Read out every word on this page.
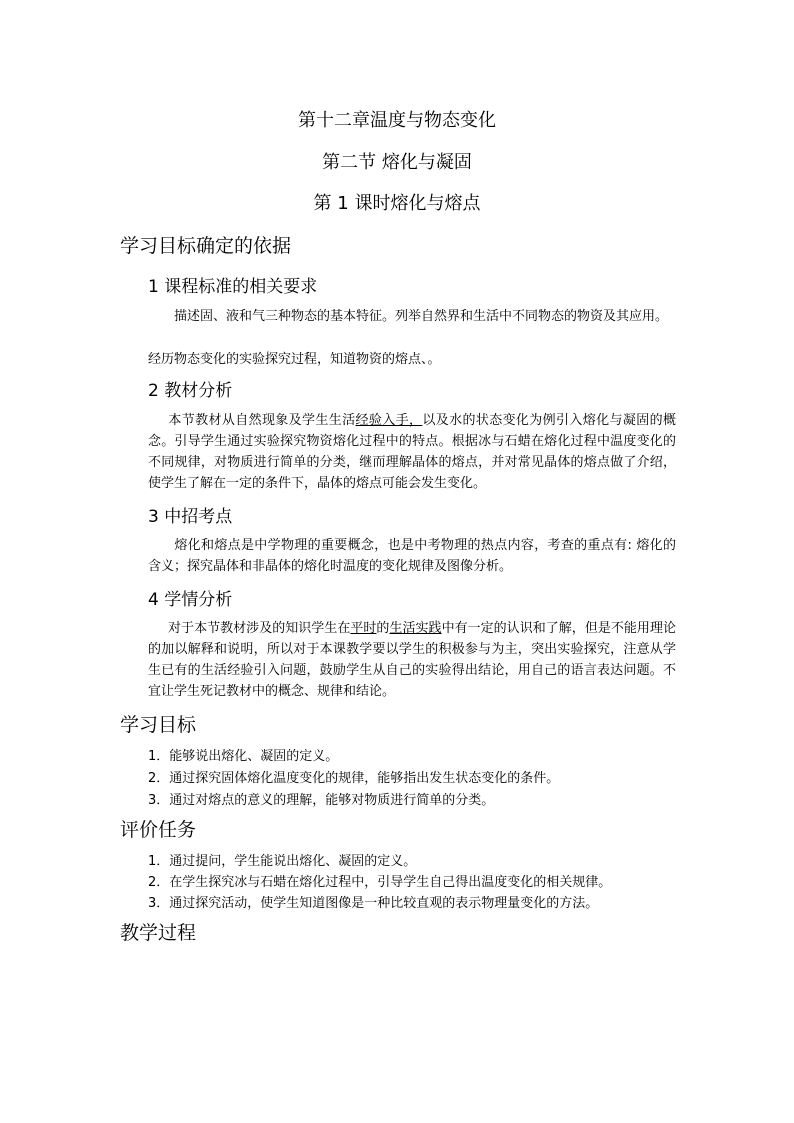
第十二章温度与物态变化
第二节 熔化与凝固
第 1 课时熔化与熔点
学习目标确定的依据
1 课程标准的相关要求
描述固、液和气三种物态的基本特征。列举自然界和生活中不同物态的物资及其应用。
经历物态变化的实验探究过程，知道物资的熔点、。
2 教材分析
本节教材从自然现象及学生生活经验入手，以及水的状态变化为例引入熔化与凝固的概念。引导学生通过实验探究物资熔化过程中的特点。根据冰与石蜡在熔化过程中温度变化的不同规律，对物质进行简单的分类，继而理解晶体的熔点，并对常见晶体的熔点做了介绍，使学生了解在一定的条件下，晶体的熔点可能会发生变化。
3 中招考点
熔化和熔点是中学物理的重要概念，也是中考物理的热点内容，考查的重点有: 熔化的含义；探究晶体和非晶体的熔化时温度的变化规律及图像分析。
4 学情分析
对于本节教材涉及的知识学生在平时的生活实践中有一定的认识和了解，但是不能用理论的加以解释和说明，所以对于本课教学要以学生的积极参与为主，突出实验探究，注意从学生已有的生活经验引入问题，鼓励学生从自己的实验得出结论，用自己的语言表达问题。不宜让学生死记教材中的概念、规律和结论。
学习目标
1．能够说出熔化、凝固的定义。
2．通过探究固体熔化温度变化的规律，能够指出发生状态变化的条件。
3．通过对熔点的意义的理解，能够对物质进行简单的分类。
评价任务
1．通过提问，学生能说出熔化、凝固的定义。
2．在学生探究冰与石蜡在熔化过程中，引导学生自己得出温度变化的相关规律。
3．通过探究活动，使学生知道图像是一种比较直观的表示物理量变化的方法。
教学过程
